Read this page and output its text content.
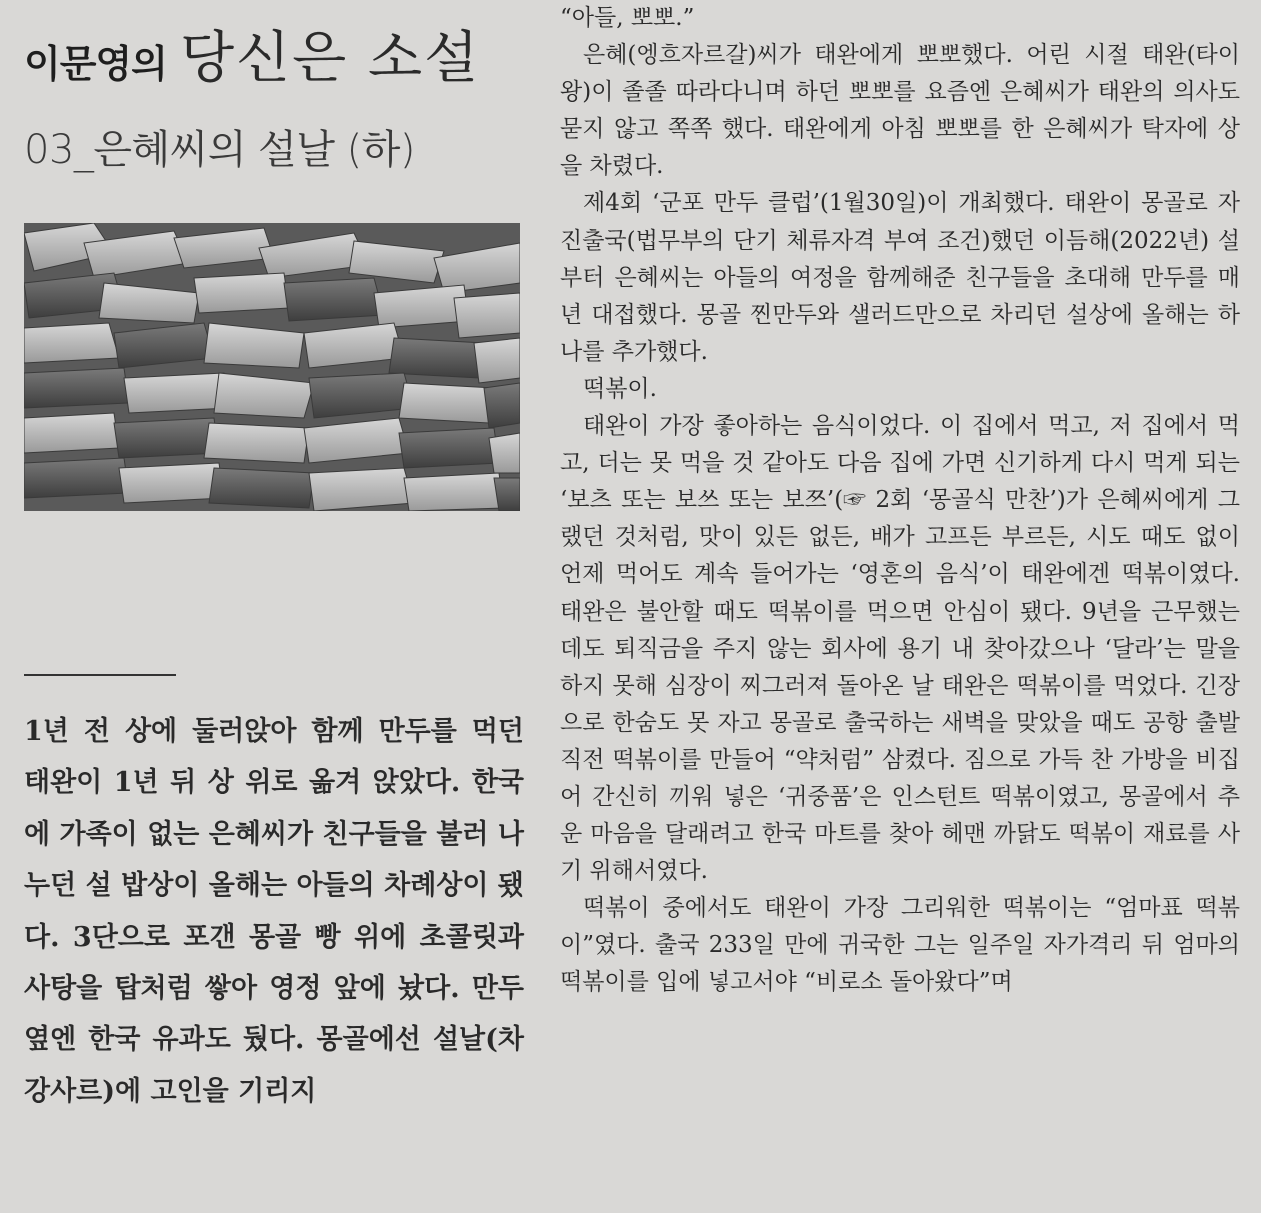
이문영의 당신은 소설
03_은혜씨의 설날 (하)

1년 전 상에 둘러앉아 함께 만두를 먹던 태완이 1년 뒤 상 위로 옮겨 앉았다. 한국에 가족이 없는 은혜씨가 친구들을 불러 나누던 설 밥상이 올해는 아들의 차례상이 됐다. 3단으로 포갠 몽골 빵 위에 초콜릿과 사탕을 탑처럼 쌓아 영정 앞에 놨다. 만두 옆엔 한국 유과도 뒀다. 몽골에선 설날(차강사르)에 고인을 기리지

“아들, 뽀뽀.”

은혜(엥흐자르갈)씨가 태완에게 뽀뽀했다. 어린 시절 태완(타이왕)이 졸졸 따라다니며 하던 뽀뽀를 요즘엔 은혜씨가 태완의 의사도 묻지 않고 쪽쪽 했다. 태완에게 아침 뽀뽀를 한 은혜씨가 탁자에 상을 차렸다.

제4회 ‘군포 만두 클럽’(1월30일)이 개최했다. 태완이 몽골로 자진출국(법무부의 단기 체류자격 부여 조건)했던 이듬해(2022년) 설부터 은혜씨는 아들의 여정을 함께해준 친구들을 초대해 만두를 매년 대접했다. 몽골 찐만두와 샐러드만으로 차리던 설상에 올해는 하나를 추가했다.

떡볶이.

태완이 가장 좋아하는 음식이었다. 이 집에서 먹고, 저 집에서 먹고, 더는 못 먹을 것 같아도 다음 집에 가면 신기하게 다시 먹게 되는 ‘보츠 또는 보쓰 또는 보쯔’(☞ 2회 ‘몽골식 만찬’)가 은혜씨에게 그랬던 것처럼, 맛이 있든 없든, 배가 고프든 부르든, 시도 때도 없이 언제 먹어도 계속 들어가는 ‘영혼의 음식’이 태완에겐 떡볶이였다. 태완은 불안할 때도 떡볶이를 먹으면 안심이 됐다. 9년을 근무했는데도 퇴직금을 주지 않는 회사에 용기 내 찾아갔으나 ‘달라’는 말을 하지 못해 심장이 찌그러져 돌아온 날 태완은 떡볶이를 먹었다. 긴장으로 한숨도 못 자고 몽골로 출국하는 새벽을 맞았을 때도 공항 출발 직전 떡볶이를 만들어 “약처럼” 삼켰다. 짐으로 가득 찬 가방을 비집어 간신히 끼워 넣은 ‘귀중품’은 인스턴트 떡볶이였고, 몽골에서 추운 마음을 달래려고 한국 마트를 찾아 헤맨 까닭도 떡볶이 재료를 사기 위해서였다.

떡볶이 중에서도 태완이 가장 그리워한 떡볶이는 “엄마표 떡볶이”였다. 출국 233일 만에 귀국한 그는 일주일 자가격리 뒤 엄마의 떡볶이를 입에 넣고서야 “비로소 돌아왔다”며
